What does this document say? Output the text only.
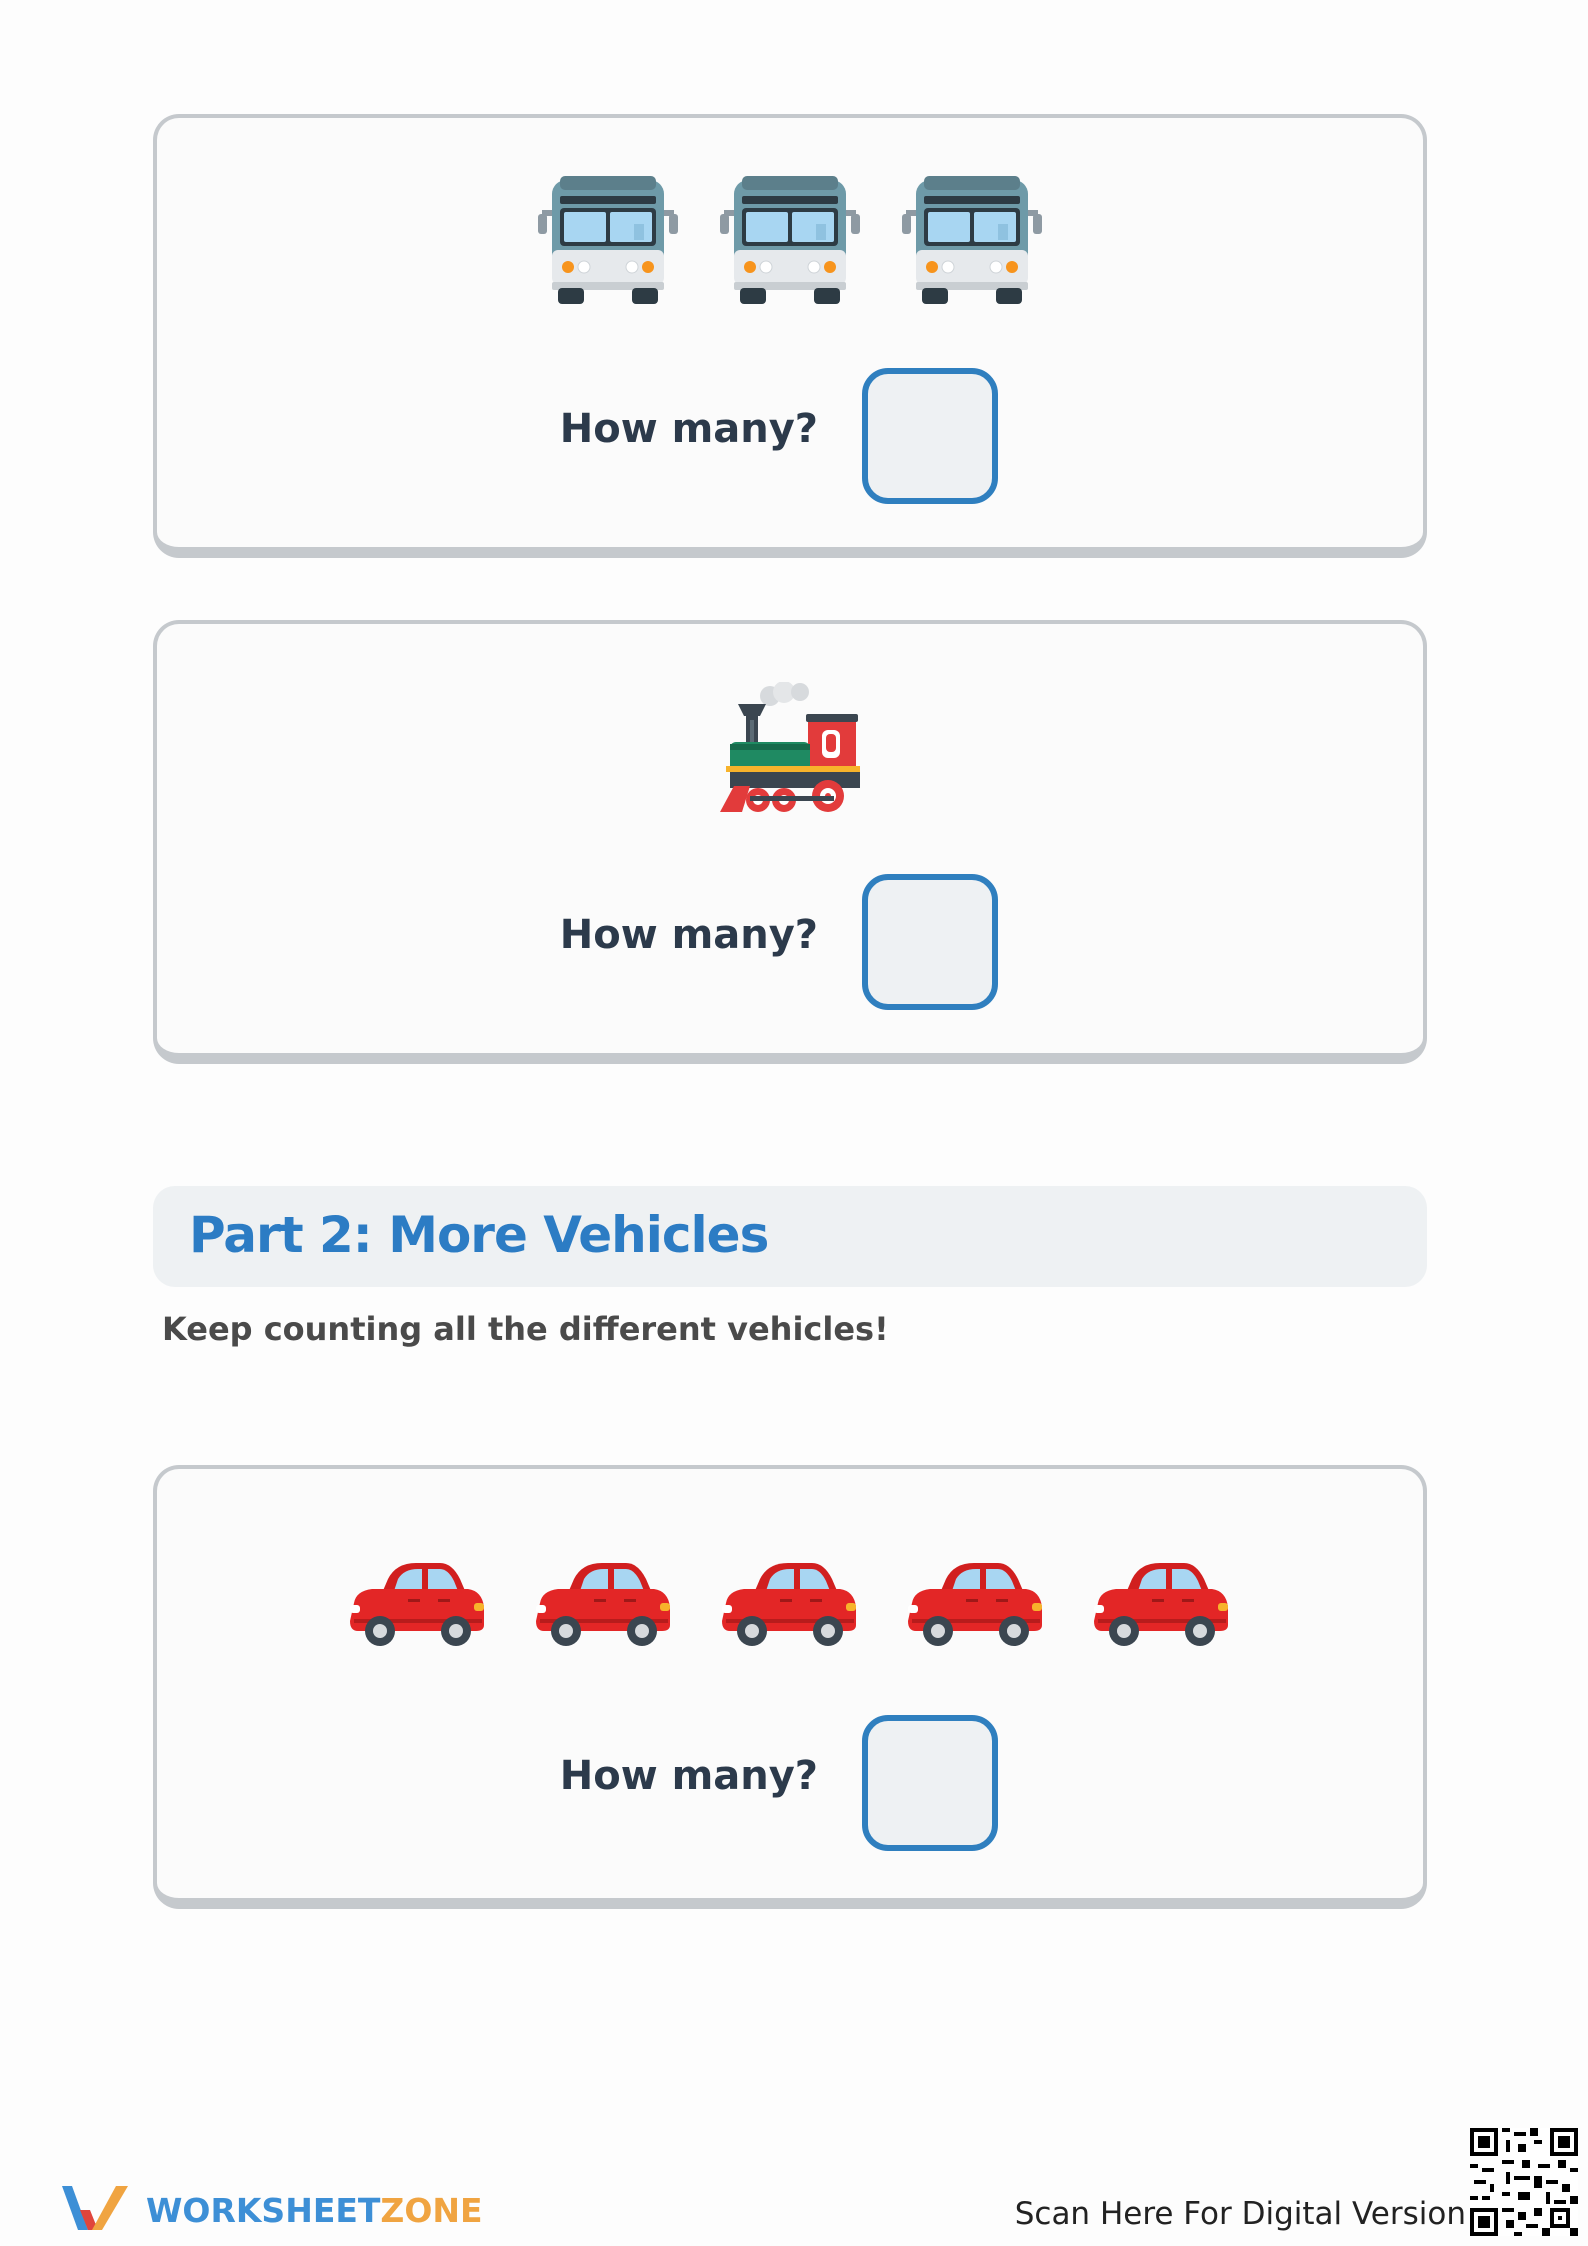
How many?
How many?
Part 2: More Vehicles
Keep counting all the different vehicles!
How many?
WORKSHEETZONE	Scan Here For Digital Version
